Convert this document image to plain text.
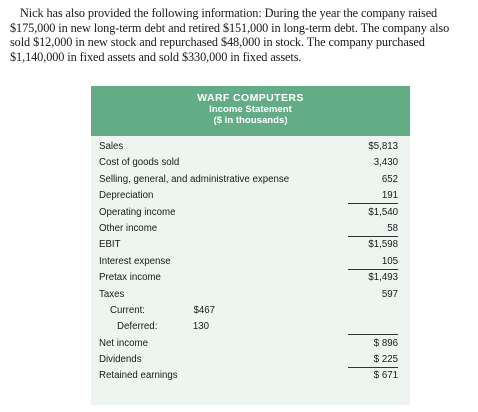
Nick has also provided the following information: During the year the company raised $175,000 in new long-term debt and retired $151,000 in long-term debt. The company also sold $12,000 in new stock and repurchased $48,000 in stock. The company purchased $1,140,000 in fixed assets and sold $330,000 in fixed assets.

WARF COMPUTERS
Income Statement
($ in thousands)
Sales	$5,813
Cost of goods sold	3,430
Selling, general, and administrative expense	652
Depreciation	191
Operating income	$1,540
Other income	58
EBIT	$1,598
Interest expense	105
Pretax income	$1,493
Taxes	597
Current:	$467
Deferred:	130
Net income	$ 896
Dividends	$ 225
Retained earnings	$ 671
